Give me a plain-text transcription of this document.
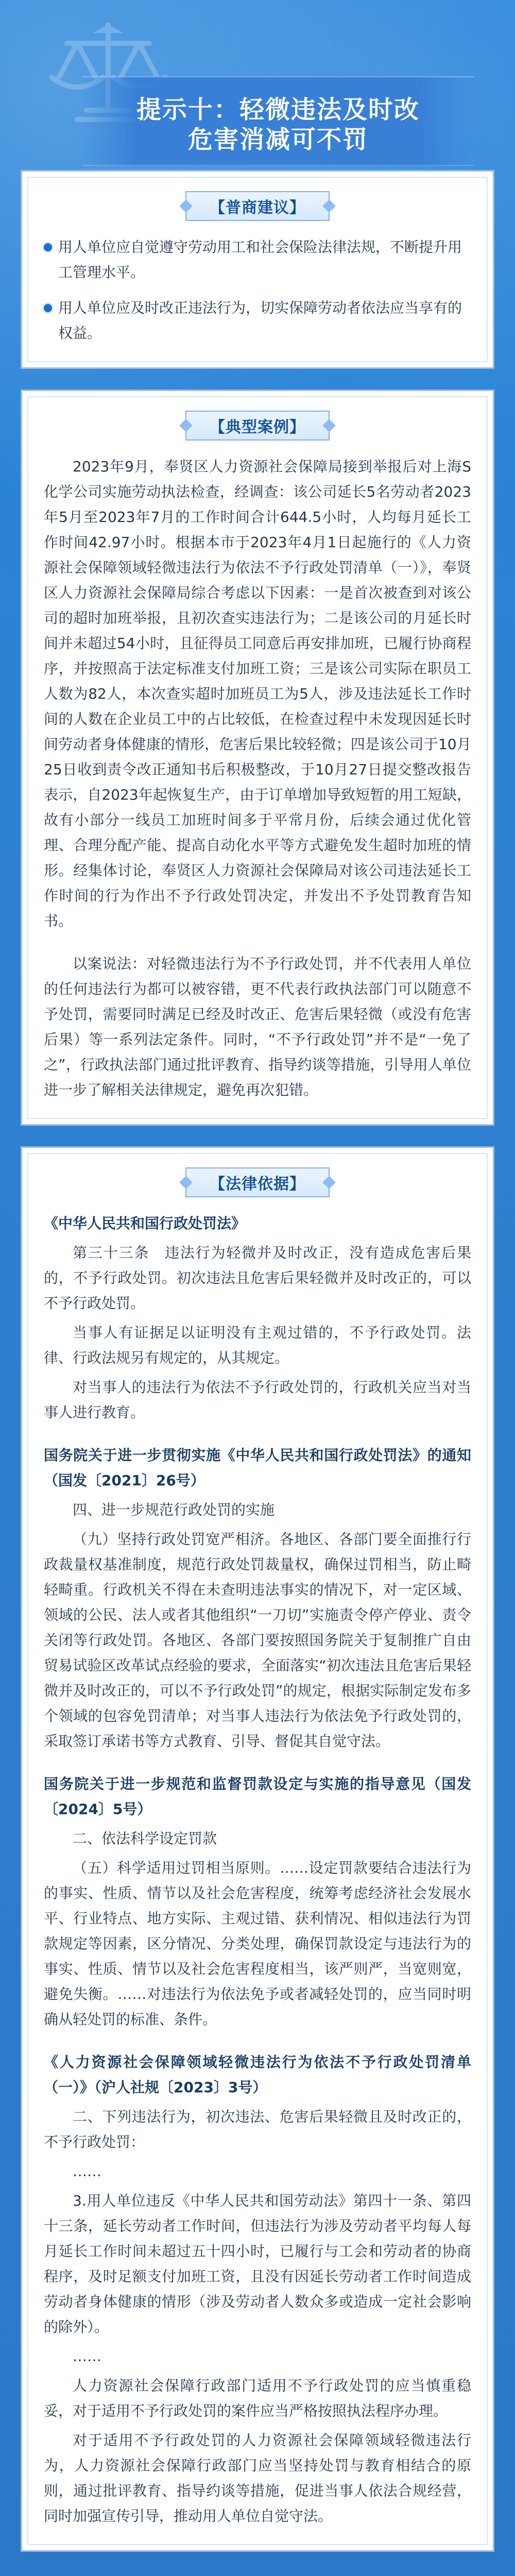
提示十：轻微违法及时改
危害消减可不罚
【普商建议】
用人单位应自觉遵守劳动用工和社会保险法律法规，不断提升用工管理水平。
用人单位应及时改正违法行为，切实保障劳动者依法应当享有的权益。
【典型案例】

2023年9月，奉贤区人力资源社会保障局接到举报后对上海S化学公司实施劳动执法检查，经调查：该公司延长5名劳动者2023年5月至2023年7月的工作时间合计644.5小时，人均每月延长工作时间42.97小时。根据本市于2023年4月1日起施行的《人力资源社会保障领域轻微违法行为依法不予行政处罚清单（一）》，奉贤区人力资源社会保障局综合考虑以下因素：一是首次被查到对该公司的超时加班举报，且初次查实违法行为；二是该公司的月延长时间并未超过54小时，且征得员工同意后再安排加班，已履行协商程序，并按照高于法定标准支付加班工资；三是该公司实际在职员工人数为82人，本次查实超时加班员工为5人，涉及违法延长工作时间的人数在企业员工中的占比较低，在检查过程中未发现因延长时间劳动者身体健康的情形，危害后果比较轻微；四是该公司于10月25日收到责令改正通知书后积极整改，于10月27日提交整改报告表示，自2023年起恢复生产，由于订单增加导致短暂的用工短缺，故有小部分一线员工加班时间多于平常月份，后续会通过优化管理、合理分配产能、提高自动化水平等方式避免发生超时加班的情形。经集体讨论，奉贤区人力资源社会保障局对该公司违法延长工作时间的行为作出不予行政处罚决定，并发出不予处罚教育告知书。

以案说法：对轻微违法行为不予行政处罚，并不代表用人单位的任何违法行为都可以被容错，更不代表行政执法部门可以随意不予处罚，需要同时满足已经及时改正、危害后果轻微（或没有危害后果）等一系列法定条件。同时，“不予行政处罚”并不是“一免了之”，行政执法部门通过批评教育、指导约谈等措施，引导用人单位进一步了解相关法律规定，避免再次犯错。

【法律依据】

《中华人民共和国行政处罚法》

第三十三条　违法行为轻微并及时改正，没有造成危害后果的，不予行政处罚。初次违法且危害后果轻微并及时改正的，可以不予行政处罚。

当事人有证据足以证明没有主观过错的，不予行政处罚。法律、行政法规另有规定的，从其规定。

对当事人的违法行为依法不予行政处罚的，行政机关应当对当事人进行教育。

国务院关于进一步贯彻实施《中华人民共和国行政处罚法》的通知（国发〔2021〕26号）

四、进一步规范行政处罚的实施

（九）坚持行政处罚宽严相济。各地区、各部门要全面推行行政裁量权基准制度，规范行政处罚裁量权，确保过罚相当，防止畸轻畸重。行政机关不得在未查明违法事实的情况下，对一定区域、领域的公民、法人或者其他组织“一刀切”实施责令停产停业、责令关闭等行政处罚。各地区、各部门要按照国务院关于复制推广自由贸易试验区改革试点经验的要求，全面落实“初次违法且危害后果轻微并及时改正的，可以不予行政处罚”的规定，根据实际制定发布多个领域的包容免罚清单；对当事人违法行为依法免予行政处罚的，采取签订承诺书等方式教育、引导、督促其自觉守法。

国务院关于进一步规范和监督罚款设定与实施的指导意见（国发〔2024〕5号）

二、依法科学设定罚款

（五）科学适用过罚相当原则。……设定罚款要结合违法行为的事实、性质、情节以及社会危害程度，统筹考虑经济社会发展水平、行业特点、地方实际、主观过错、获利情况、相似违法行为罚款规定等因素，区分情况、分类处理，确保罚款设定与违法行为的事实、性质、情节以及社会危害程度相当，该严则严，当宽则宽，避免失衡。……对违法行为依法免予或者减轻处罚的，应当同时明确从轻处罚的标准、条件。

《人力资源社会保障领域轻微违法行为依法不予行政处罚清单（一）》（沪人社规〔2023〕3号）

二、下列违法行为，初次违法、危害后果轻微且及时改正的，不予行政处罚：

……

3.用人单位违反《中华人民共和国劳动法》第四十一条、第四十三条，延长劳动者工作时间，但违法行为涉及劳动者平均每人每月延长工作时间未超过五十四小时，已履行与工会和劳动者的协商程序，及时足额支付加班工资，且没有因延长劳动者工作时间造成劳动者身体健康的情形（涉及劳动者人数众多或造成一定社会影响的除外）。

……

人力资源社会保障行政部门适用不予行政处罚的应当慎重稳妥，对于适用不予行政处罚的案件应当严格按照执法程序办理。

对于适用不予行政处罚的人力资源社会保障领域轻微违法行为，人力资源社会保障行政部门应当坚持处罚与教育相结合的原则，通过批评教育、指导约谈等措施，促进当事人依法合规经营，同时加强宣传引导，推动用人单位自觉守法。
